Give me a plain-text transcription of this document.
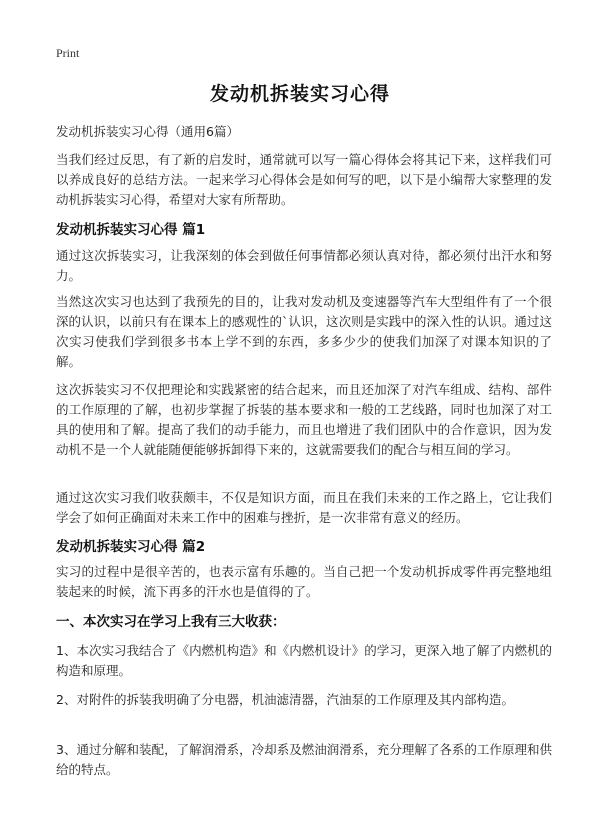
Print
发动机拆装实习心得
发动机拆装实习心得（通用6篇）
当我们经过反思，有了新的启发时，通常就可以写一篇心得体会将其记下来，这样我们可以养成良好的总结方法。一起来学习心得体会是如何写的吧，以下是小编帮大家整理的发动机拆装实习心得，希望对大家有所帮助。
发动机拆装实习心得 篇1
通过这次拆装实习，让我深刻的体会到做任何事情都必须认真对待，都必须付出汗水和努力。
当然这次实习也达到了我预先的目的，让我对发动机及变速器等汽车大型组件有了一个很深的认识，以前只有在课本上的感观性的`认识，这次则是实践中的深入性的认识。通过这次实习使我们学到很多书本上学不到的东西，多多少少的使我们加深了对课本知识的了解。
这次拆装实习不仅把理论和实践紧密的结合起来，而且还加深了对汽车组成、结构、部件的工作原理的了解，也初步掌握了拆装的基本要求和一般的工艺线路，同时也加深了对工具的使用和了解。提高了我们的动手能力，而且也增进了我们团队中的合作意识，因为发动机不是一个人就能随便能够拆卸得下来的，这就需要我们的配合与相互间的学习。
通过这次实习我们收获颇丰，不仅是知识方面，而且在我们未来的工作之路上，它让我们学会了如何正确面对未来工作中的困难与挫折，是一次非常有意义的经历。
发动机拆装实习心得 篇2
实习的过程中是很辛苦的，也表示富有乐趣的。当自己把一个发动机拆成零件再完整地组装起来的时候，流下再多的汗水也是值得的了。
一、本次实习在学习上我有三大收获：
1、本次实习我结合了《内燃机构造》和《内燃机设计》的学习，更深入地了解了内燃机的构造和原理。
2、对附件的拆装我明确了分电器，机油滤清器，汽油泵的工作原理及其内部构造。
3、通过分解和装配，了解润滑系，冷却系及燃油润滑系，充分理解了各系的工作原理和供给的特点。
